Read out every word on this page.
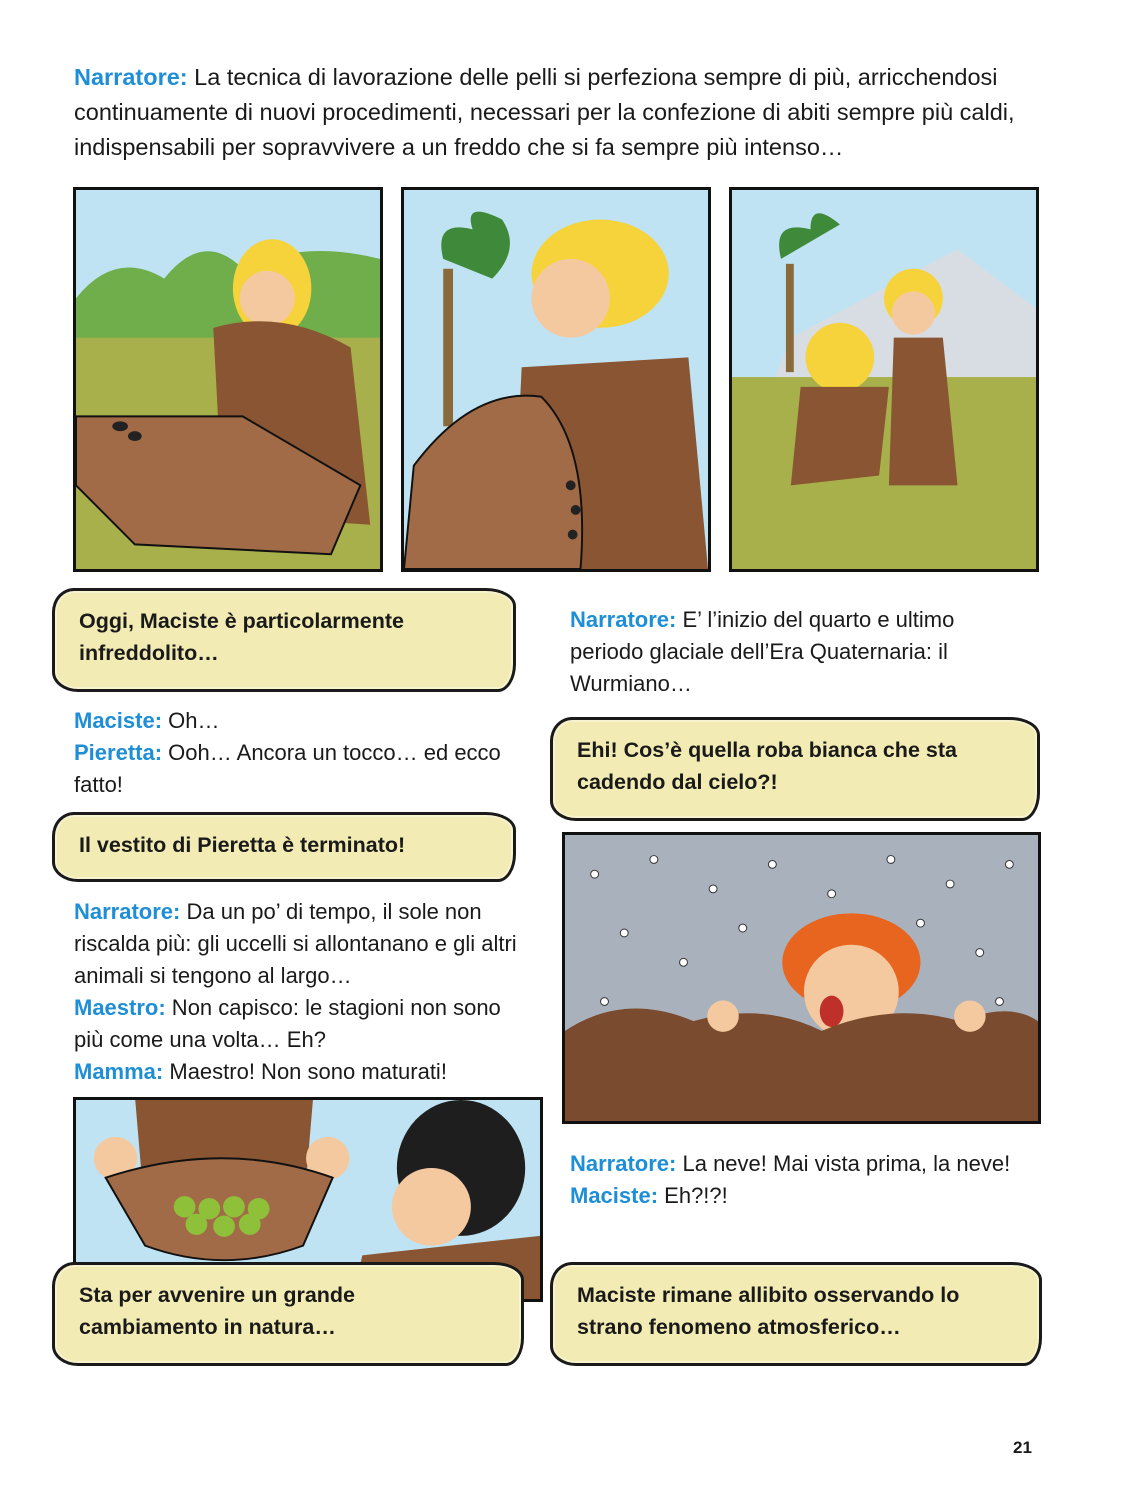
Narratore: La tecnica di lavorazione delle pelli si perfeziona sempre di più, arricchendosi continuamente di nuovi procedimenti, necessari per la confezione di abiti sempre più caldi, indispensabili per sopravvivere a un freddo che si fa sempre più intenso…
Oggi, Maciste è particolarmente infreddolito…
Maciste: Oh…
Pieretta: Ooh… Ancora un tocco… ed ecco fatto!
Il vestito di Pieretta è terminato!
Narratore: Da un po’ di tempo, il sole non riscalda più: gli uccelli si allontanano e gli altri animali si tengono al largo…
Maestro: Non capisco: le stagioni non sono più come una volta… Eh?
Mamma: Maestro! Non sono maturati!
Sta per avvenire un grande cambiamento in natura…
Narratore: E’ l’inizio del quarto e ultimo periodo glaciale dell’Era Quaternaria: il Wurmiano…
Ehi! Cos’è quella roba bianca che sta cadendo dal cielo?!
Narratore: La neve! Mai vista prima, la neve!
Maciste: Eh?!?!
Maciste rimane allibito osservando lo strano fenomeno atmosferico…
21
